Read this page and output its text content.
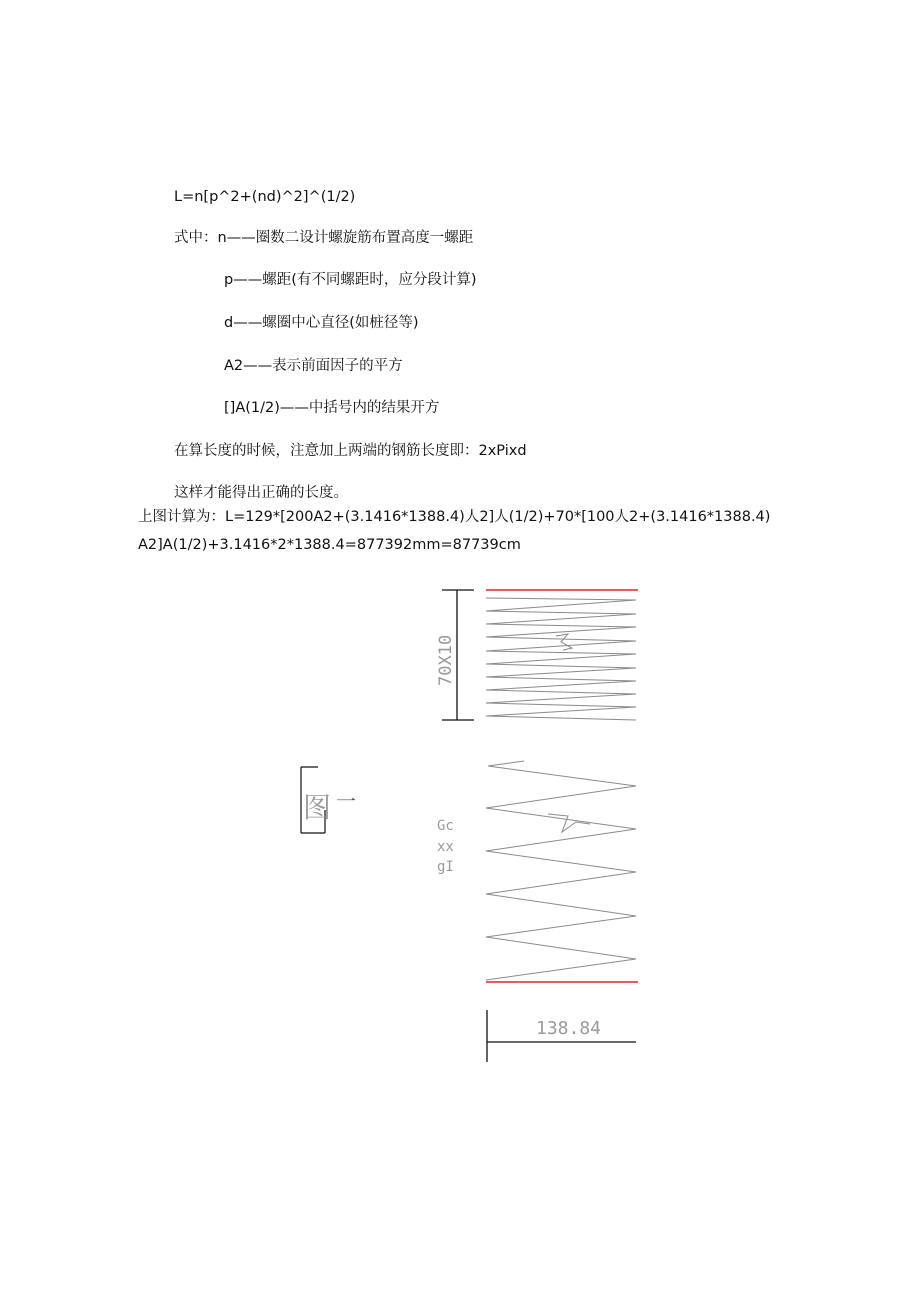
L=n[p^2+(nd)^2]^(1/2)
式中：n——圈数二设计螺旋筋布置高度一螺距
p——螺距(有不同螺距时，应分段计算)
d——螺圈中心直径(如桩径等)
A2——表示前面因子的平方
[]A(1/2)——中括号内的结果开方
在算长度的时候，注意加上两端的钢筋长度即：2xPixd
这样才能得出正确的长度。
上图计算为：L=129*[200A2+(3.1416*1388.4)人2]人(1/2)+70*[100人2+(3.1416*1388.4)
A2]A(1/2)+3.1416*2*1388.4=877392mm=87739cm
70X10
图 一
Gc
xx
gI
138.84
